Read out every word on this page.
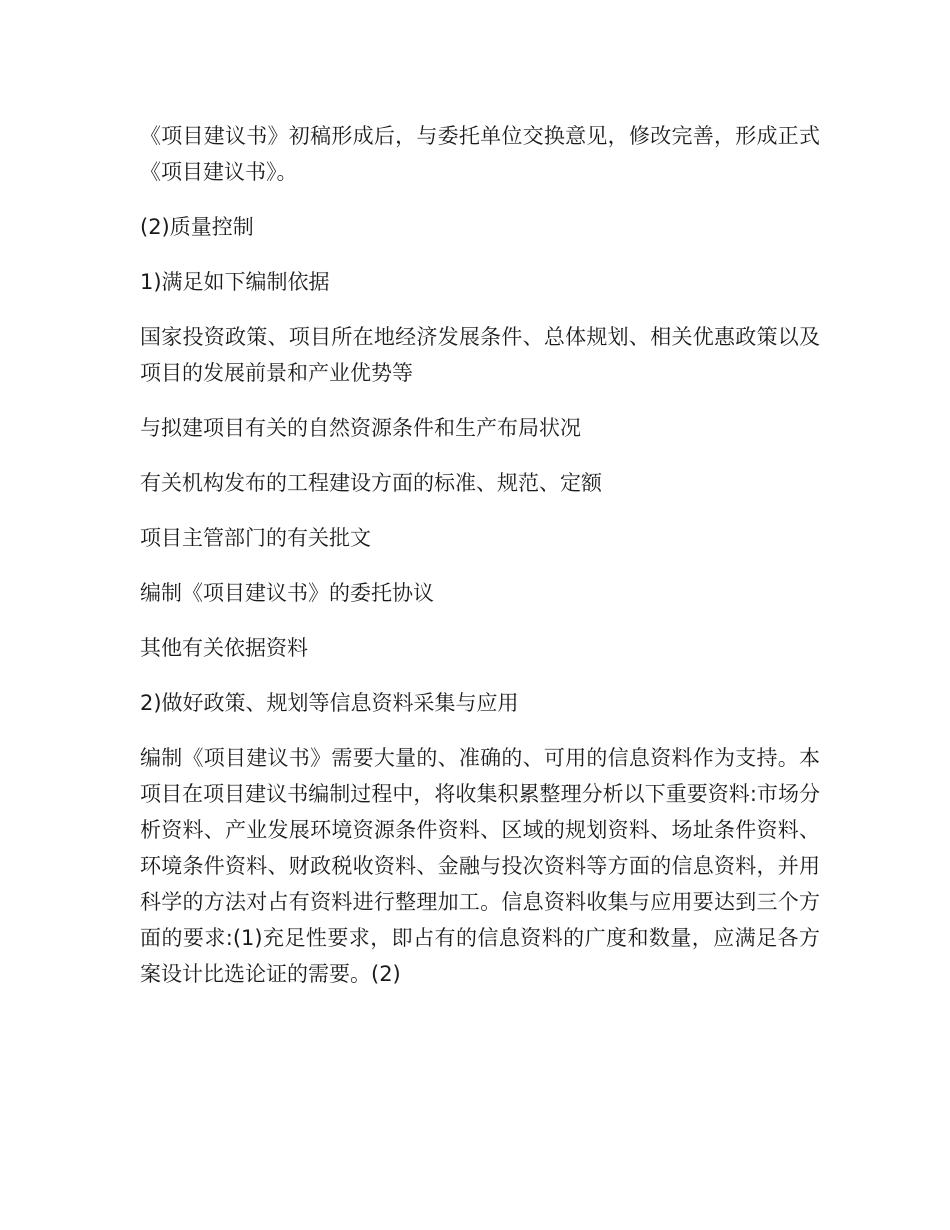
《项目建议书》初稿形成后，与委托单位交换意见，修改完善，形成正式《项目建议书》。

(2)质量控制

1)满足如下编制依据

国家投资政策、项目所在地经济发展条件、总体规划、相关优惠政策以及项目的发展前景和产业优势等

与拟建项目有关的自然资源条件和生产布局状况

有关机构发布的工程建设方面的标准、规范、定额

项目主管部门的有关批文

编制《项目建议书》的委托协议

其他有关依据资料

2)做好政策、规划等信息资料采集与应用

编制《项目建议书》需要大量的、准确的、可用的信息资料作为支持。本项目在项目建议书编制过程中，将收集积累整理分析以下重要资料:市场分析资料、产业发展环境资源条件资料、区域的规划资料、场址条件资料、环境条件资料、财政税收资料、金融与投次资料等方面的信息资料，并用科学的方法对占有资料进行整理加工。信息资料收集与应用要达到三个方面的要求:(1)充足性要求，即占有的信息资料的广度和数量，应满足各方案设计比选论证的需要。(2)
